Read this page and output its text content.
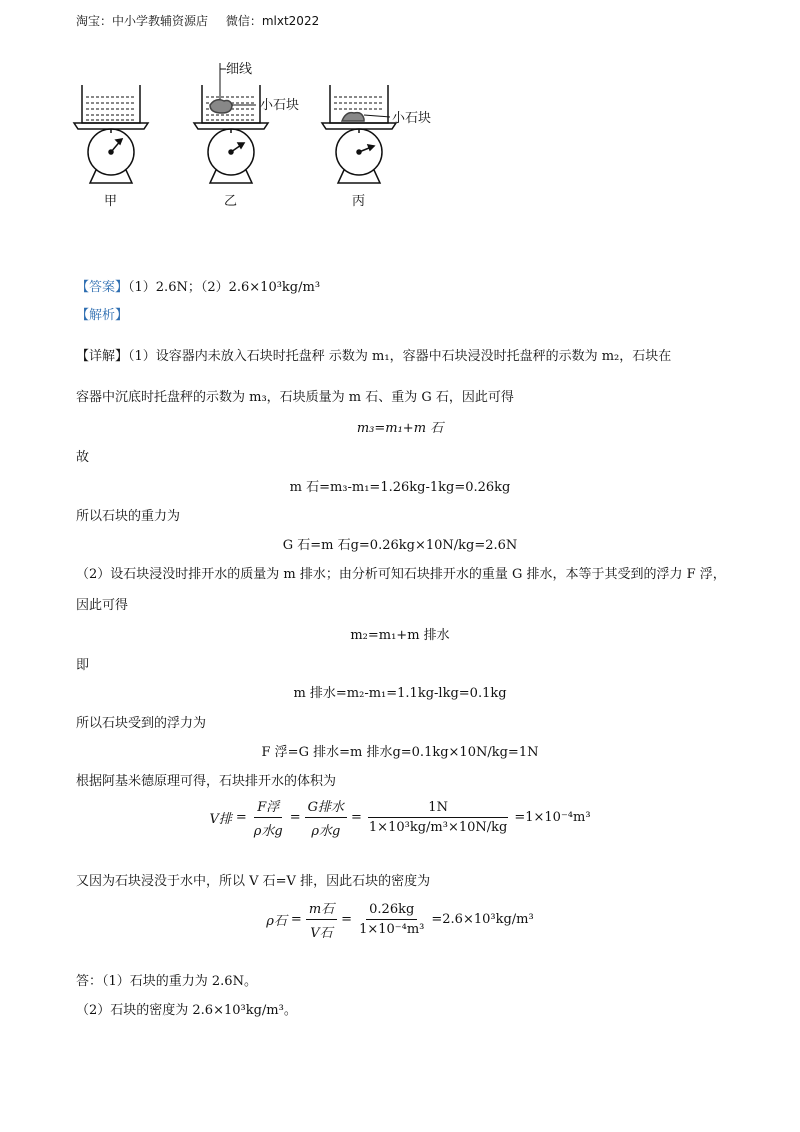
淘宝：中小学教辅资源店 微信：mlxt2022
细线
小石块
小石块
甲	乙	丙
【答案】（1）2.6N；（2）2.6×10³kg/m³
【解析】
【详解】（1）设容器内未放入石块时托盘秤 示数为 m₁，容器中石块浸没时托盘秤的示数为 m₂，石块在
容器中沉底时托盘秤的示数为 m₃，石块质量为 m 石、重为 G 石，因此可得
m₃=m₁+m 石
故
m 石=m₃-m₁=1.26kg-1kg=0.26kg
所以石块的重力为
G 石=m 石g=0.26kg×10N/kg=2.6N
（2）设石块浸没时排开水的质量为 m 排水；由分析可知石块排开水的重量 G 排水，本等于其受到的浮力 F 浮，
因此可得
m₂=m₁+m 排水
即
m 排水=m₂-m₁=1.1kg-lkg=0.1kg
所以石块受到的浮力为
F 浮=G 排水=m 排水g=0.1kg×10N/kg=1N
根据阿基米德原理可得，石块排开水的体积为
V排 = $\frac{\text{F浮}}{\text{ρ水g}} = \frac{\text{G排水}}{\text{ρ水g}} = \frac{1N}{\text{1×10³kg/m³×10N/kg}} =1\times 10^{-4}m^3$
又因为石块浸没于水中，所以 V 石=V 排，因此石块的密度为
ρ石 = $\frac{\text{m石}}{\text{V石}} = \frac{0.26kg}{\text{1×10⁻⁴m³}} =2.6\times 10^3kg/m^3$
答：（1）石块的重力为 2.6N。
（2）石块的密度为 2.6×10³kg/m³。
